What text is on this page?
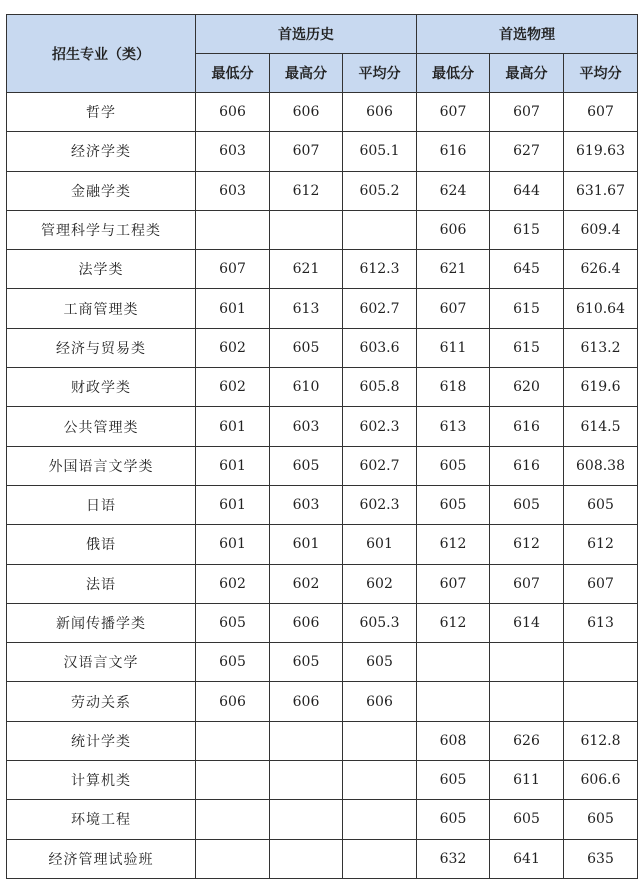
招生专业（类）	首选历史			首选物理		
	最低分	最高分	平均分	最低分	最高分	平均分
哲学	606	606	606	607	607	607
经济学类	603	607	605.1	616	627	619.63
金融学类	603	612	605.2	624	644	631.67
管理科学与工程类				606	615	609.4
法学类	607	621	612.3	621	645	626.4
工商管理类	601	613	602.7	607	615	610.64
经济与贸易类	602	605	603.6	611	615	613.2
财政学类	602	610	605.8	618	620	619.6
公共管理类	601	603	602.3	613	616	614.5
外国语言文学类	601	605	602.7	605	616	608.38
日语	601	603	602.3	605	605	605
俄语	601	601	601	612	612	612
法语	602	602	602	607	607	607
新闻传播学类	605	606	605.3	612	614	613
汉语言文学	605	605	605			
劳动关系	606	606	606			
统计学类				608	626	612.8
计算机类				605	611	606.6
环境工程				605	605	605
经济管理试验班				632	641	635
